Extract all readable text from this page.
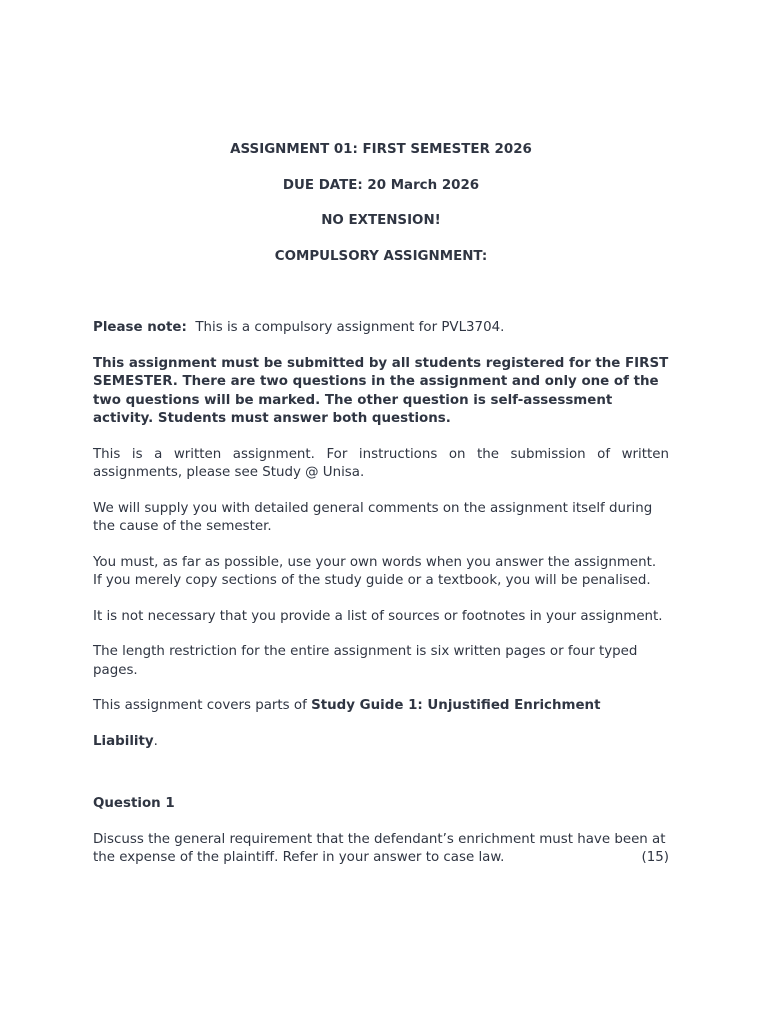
ASSIGNMENT 01: FIRST SEMESTER 2026
DUE DATE: 20 March 2026
NO EXTENSION!
COMPULSORY ASSIGNMENT:

Please note: This is a compulsory assignment for PVL3704.

This assignment must be submitted by all students registered for the FIRST SEMESTER. There are two questions in the assignment and only one of the two questions will be marked. The other question is self-assessment activity. Students must answer both questions.

This is a written assignment. For instructions on the submission of written assignments, please see Study @ Unisa.

We will supply you with detailed general comments on the assignment itself during the cause of the semester.

You must, as far as possible, use your own words when you answer the assignment. If you merely copy sections of the study guide or a textbook, you will be penalised.

It is not necessary that you provide a list of sources or footnotes in your assignment.

The length restriction for the entire assignment is six written pages or four typed pages.

This assignment covers parts of Study Guide 1: Unjustified Enrichment

Liability.

Question 1

Discuss the general requirement that the defendant’s enrichment must have been at the expense of the plaintiff. Refer in your answer to case law.	(15)
